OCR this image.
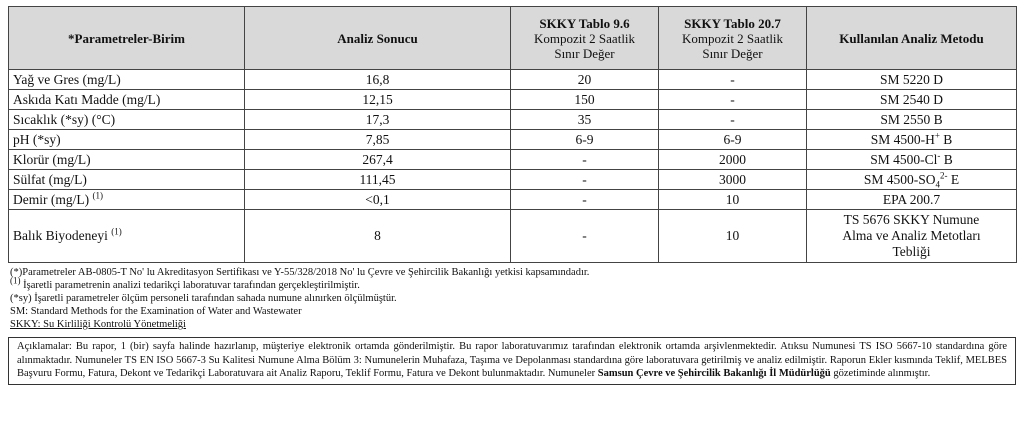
*Parametreler-Birim	Analiz Sonucu	SKKY Tablo 9.6
Kompozit 2 Saatlik
Sınır Değer	SKKY Tablo 20.7
Kompozit 2 Saatlik
Sınır Değer	Kullanılan Analiz Metodu
Yağ ve Gres (mg/L)	16,8	20	-	SM 5220 D
Askıda Katı Madde (mg/L)	12,15	150	-	SM 2540 D
Sıcaklık (*sy) (°C)	17,3	35	-	SM 2550 B
pH (*sy)	7,85	6-9	6-9	SM 4500-H+ B
Klorür (mg/L)	267,4	-	2000	SM 4500-Cl- B
Sülfat (mg/L)	111,45	-	3000	SM $4500-SO_4^{2-}$ E
Demir (mg/L) $^{(1)}$	<0,1	-	10	EPA 200.7
Balık Biyodeneyi $^{(1)}$	8	-	10	TS 5676 SKKY Numune
Alma ve Analiz Metotları
Tebliği
(*)Parametreler AB-0805-T No' lu Akreditasyon Sertifikası ve Y-55/328/2018 No' lu Çevre ve Şehircilik Bakanlığı yetkisi kapsamındadır.
$^{(1)}$ İşaretli parametrenin analizi tedarikçi laboratuvar tarafından gerçekleştirilmiştir.
(*sy) İşaretli parametreler ölçüm personeli tarafından sahada numune alınırken ölçülmüştür.
SM: Standard Methods for the Examination of Water and Wastewater
SKKY: Su Kirliliği Kontrolü Yönetmeliği
Açıklamalar: Bu rapor, 1 (bir) sayfa halinde hazırlanıp, müşteriye elektronik ortamda gönderilmiştir. Bu rapor laboratuvarımız tarafından elektronik ortamda arşivlenmektedir. Atıksu Numunesi TS ISO 5667-10 standardına göre alınmaktadır. Numuneler TS EN ISO 5667-3 Su Kalitesi Numune Alma Bölüm 3: Numunelerin Muhafaza, Taşıma ve Depolanması standardına göre laboratuvara getirilmiş ve analiz edilmiştir. Raporun Ekler kısmında Teklif, MELBES Başvuru Formu, Fatura, Dekont ve Tedarikçi Laboratuvara ait Analiz Raporu, Teklif Formu, Fatura ve Dekont bulunmaktadır. Numuneler Samsun Çevre ve Şehircilik Bakanlığı İl Müdürlüğü gözetiminde alınmıştır.
